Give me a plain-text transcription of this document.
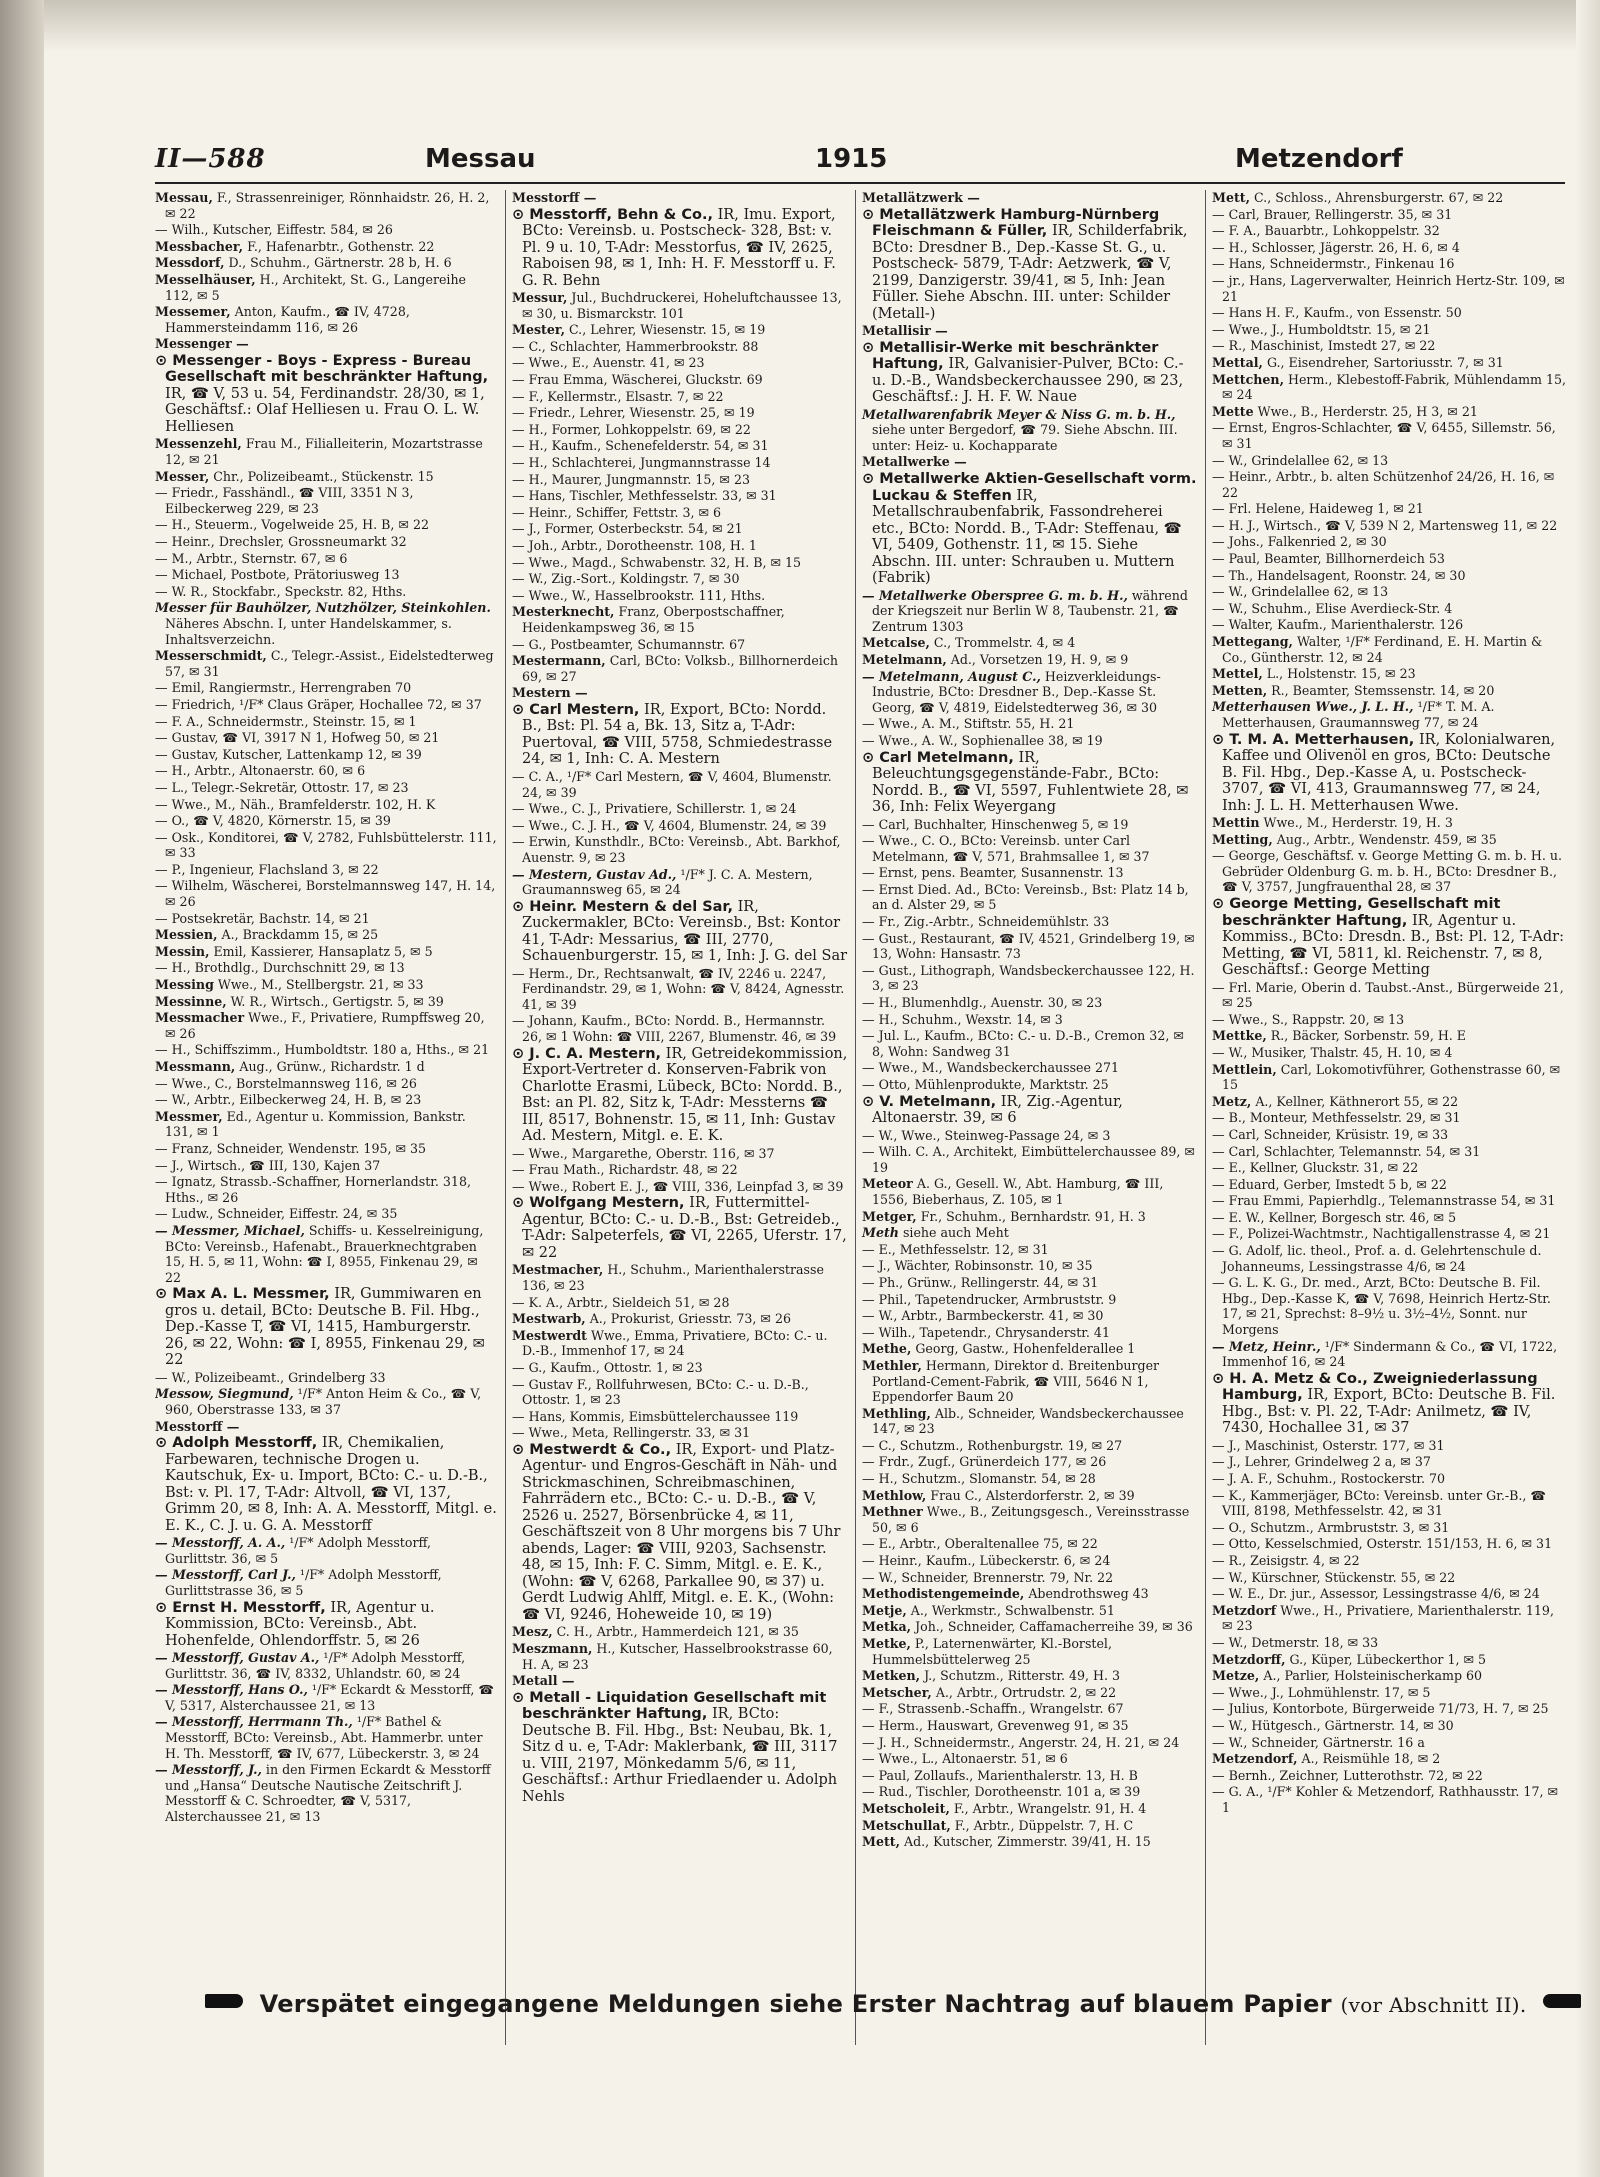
II—588	Messau	1915	Metzendorf
Messau, F., Strassenreiniger, Rönnhaidstr. 26, H. 2, ✉ 22
— Wilh., Kutscher, Eiffestr. 584, ✉ 26
Messbacher, F., Hafenarbtr., Gothenstr. 22
Messdorf, D., Schuhm., Gärtnerstr. 28 b, H. 6
Messelhäuser, H., Architekt, St. G., Langereihe 112, ✉ 5
Messemer, Anton, Kaufm., ☎ IV, 4728, Hammersteindamm 116, ✉ 26
Messenger —
⊙ Messenger - Boys - Express - Bureau Gesellschaft mit beschränkter Haftung, IR, ☎ V, 53 u. 54, Ferdinandstr. 28/30, ✉ 1, Geschäftsf.: Olaf Helliesen u. Frau O. L. W. Helliesen
Messenzehl, Frau M., Filialleiterin, Mozartstrasse 12, ✉ 21
Messer, Chr., Polizeibeamt., Stückenstr. 15
— Friedr., Fasshändl., ☎ VIII, 3351 N 3, Eilbeckerweg 229, ✉ 23
— H., Steuerm., Vogelweide 25, H. B, ✉ 22
— Heinr., Drechsler, Grossneumarkt 32
— M., Arbtr., Sternstr. 67, ✉ 6
— Michael, Postbote, Prätoriusweg 13
— W. R., Stockfabr., Speckstr. 82, Hths.
Messer für Bauhölzer, Nutzhölzer, Steinkohlen. Näheres Abschn. I, unter Handelskammer, s. Inhaltsverzeichn.
Messerschmidt, C., Telegr.-Assist., Eidelstedterweg 57, ✉ 31
— Emil, Rangiermstr., Herrengraben 70
— Friedrich, ¹/F* Claus Gräper, Hochallee 72, ✉ 37
— F. A., Schneidermstr., Steinstr. 15, ✉ 1
— Gustav, ☎ VI, 3917 N 1, Hofweg 50, ✉ 21
— Gustav, Kutscher, Lattenkamp 12, ✉ 39
— H., Arbtr., Altonaerstr. 60, ✉ 6
— L., Telegr.-Sekretär, Ottostr. 17, ✉ 23
— Wwe., M., Näh., Bramfelderstr. 102, H. K
— O., ☎ V, 4820, Körnerstr. 15, ✉ 39
— Osk., Konditorei, ☎ V, 2782, Fuhlsbüttelerstr. 111, ✉ 33
— P., Ingenieur, Flachsland 3, ✉ 22
— Wilhelm, Wäscherei, Borstelmannsweg 147, H. 14, ✉ 26
— Postsekretär, Bachstr. 14, ✉ 21
Messien, A., Brackdamm 15, ✉ 25
Messin, Emil, Kassierer, Hansaplatz 5, ✉ 5
— H., Brothdlg., Durchschnitt 29, ✉ 13
Messing Wwe., M., Stellbergstr. 21, ✉ 33
Messinne, W. R., Wirtsch., Gertigstr. 5, ✉ 39
Messmacher Wwe., F., Privatiere, Rumpffsweg 20, ✉ 26
— H., Schiffszimm., Humboldtstr. 180 a, Hths., ✉ 21
Messmann, Aug., Grünw., Richardstr. 1 d
— Wwe., C., Borstelmannsweg 116, ✉ 26
— W., Arbtr., Eilbeckerweg 24, H. B, ✉ 23
Messmer, Ed., Agentur u. Kommission, Bankstr. 131, ✉ 1
— Franz, Schneider, Wendenstr. 195, ✉ 35
— J., Wirtsch., ☎ III, 130, Kajen 37
— Ignatz, Strassb.-Schaffner, Hornerlandstr. 318, Hths., ✉ 26
— Ludw., Schneider, Eiffestr. 24, ✉ 35
— Messmer, Michael, Schiffs- u. Kesselreinigung, BCto: Vereinsb., Hafenabt., Brauerknechtgraben 15, H. 5, ✉ 11, Wohn: ☎ I, 8955, Finkenau 29, ✉ 22
⊙ Max A. L. Messmer, IR, Gummiwaren en gros u. detail, BCto: Deutsche B. Fil. Hbg., Dep.-Kasse T, ☎ VI, 1415, Hamburgerstr. 26, ✉ 22, Wohn: ☎ I, 8955, Finkenau 29, ✉ 22
— W., Polizeibeamt., Grindelberg 33
Messow, Siegmund, ¹/F* Anton Heim & Co., ☎ V, 960, Oberstrasse 133, ✉ 37
Messtorff —
⊙ Adolph Messtorff, IR, Chemikalien, Farbewaren, technische Drogen u. Kautschuk, Ex- u. Import, BCto: C.- u. D.-B., Bst: v. Pl. 17, T-Adr: Altvoll, ☎ VI, 137, Grimm 20, ✉ 8, Inh: A. A. Messtorff, Mitgl. e. E. K., C. J. u. G. A. Messtorff
— Messtorff, A. A., ¹/F* Adolph Messtorff, Gurlittstr. 36, ✉ 5
— Messtorff, Carl J., ¹/F* Adolph Messtorff, Gurlittstrasse 36, ✉ 5
⊙ Ernst H. Messtorff, IR, Agentur u. Kommission, BCto: Vereinsb., Abt. Hohenfelde, Ohlendorffstr. 5, ✉ 26
— Messtorff, Gustav A., ¹/F* Adolph Messtorff, Gurlittstr. 36, ☎ IV, 8332, Uhlandstr. 60, ✉ 24
— Messtorff, Hans O., ¹/F* Eckardt & Messtorff, ☎ V, 5317, Alsterchaussee 21, ✉ 13
— Messtorff, Herrmann Th., ¹/F* Bathel & Messtorff, BCto: Vereinsb., Abt. Hammerbr. unter H. Th. Messtorff, ☎ IV, 677, Lübeckerstr. 3, ✉ 24
— Messtorff, J., in den Firmen Eckardt & Messtorff und „Hansa“ Deutsche Nautische Zeitschrift J. Messtorff & C. Schroedter, ☎ V, 5317, Alsterchaussee 21, ✉ 13
Messtorff —
⊙ Messtorff, Behn & Co., IR, Imu. Export, BCto: Vereinsb. u. Postscheck- 328, Bst: v. Pl. 9 u. 10, T-Adr: Messtorfus, ☎ IV, 2625, Raboisen 98, ✉ 1, Inh: H. F. Messtorff u. F. G. R. Behn
Messur, Jul., Buchdruckerei, Hoheluftchaussee 13, ✉ 30, u. Bismarckstr. 101
Mester, C., Lehrer, Wiesenstr. 15, ✉ 19
— C., Schlachter, Hammerbrookstr. 88
— Wwe., E., Auenstr. 41, ✉ 23
— Frau Emma, Wäscherei, Gluckstr. 69
— F., Kellermstr., Elsastr. 7, ✉ 22
— Friedr., Lehrer, Wiesenstr. 25, ✉ 19
— H., Former, Lohkoppelstr. 69, ✉ 22
— H., Kaufm., Schenefelderstr. 54, ✉ 31
— H., Schlachterei, Jungmannstrasse 14
— H., Maurer, Jungmannstr. 15, ✉ 23
— Hans, Tischler, Methfesselstr. 33, ✉ 31
— Heinr., Schiffer, Fettstr. 3, ✉ 6
— J., Former, Osterbeckstr. 54, ✉ 21
— Joh., Arbtr., Dorotheenstr. 108, H. 1
— Wwe., Magd., Schwabenstr. 32, H. B, ✉ 15
— W., Zig.-Sort., Koldingstr. 7, ✉ 30
— Wwe., W., Hasselbrookstr. 111, Hths.
Mesterknecht, Franz, Oberpostschaffner, Heidenkampsweg 36, ✉ 15
— G., Postbeamter, Schumannstr. 67
Mestermann, Carl, BCto: Volksb., Billhornerdeich 69, ✉ 27
Mestern —
⊙ Carl Mestern, IR, Export, BCto: Nordd. B., Bst: Pl. 54 a, Bk. 13, Sitz a, T-Adr: Puertoval, ☎ VIII, 5758, Schmiedestrasse 24, ✉ 1, Inh: C. A. Mestern
— C. A., ¹/F* Carl Mestern, ☎ V, 4604, Blumenstr. 24, ✉ 39
— Wwe., C. J., Privatiere, Schillerstr. 1, ✉ 24
— Wwe., C. J. H., ☎ V, 4604, Blumenstr. 24, ✉ 39
— Erwin, Kunsthdlr., BCto: Vereinsb., Abt. Barkhof, Auenstr. 9, ✉ 23
— Mestern, Gustav Ad., ¹/F* J. C. A. Mestern, Graumannsweg 65, ✉ 24
⊙ Heinr. Mestern & del Sar, IR, Zuckermakler, BCto: Vereinsb., Bst: Kontor 41, T-Adr: Messarius, ☎ III, 2770, Schauenburgerstr. 15, ✉ 1, Inh: J. G. del Sar
— Herm., Dr., Rechtsanwalt, ☎ IV, 2246 u. 2247, Ferdinandstr. 29, ✉ 1, Wohn: ☎ V, 8424, Agnesstr. 41, ✉ 39
— Johann, Kaufm., BCto: Nordd. B., Hermannstr. 26, ✉ 1 Wohn: ☎ VIII, 2267, Blumenstr. 46, ✉ 39
⊙ J. C. A. Mestern, IR, Getreidekommission, Export-Vertreter d. Konserven-Fabrik von Charlotte Erasmi, Lübeck, BCto: Nordd. B., Bst: an Pl. 82, Sitz k, T-Adr: Messterns ☎ III, 8517, Bohnenstr. 15, ✉ 11, Inh: Gustav Ad. Mestern, Mitgl. e. E. K.
— Wwe., Margarethe, Oberstr. 116, ✉ 37
— Frau Math., Richardstr. 48, ✉ 22
— Wwe., Robert E. J., ☎ VIII, 336, Leinpfad 3, ✉ 39
⊙ Wolfgang Mestern, IR, Futtermittel-Agentur, BCto: C.- u. D.-B., Bst: Getreideb., T-Adr: Salpeterfels, ☎ VI, 2265, Uferstr. 17, ✉ 22
Mestmacher, H., Schuhm., Marienthalerstrasse 136, ✉ 23
— K. A., Arbtr., Sieldeich 51, ✉ 28
Mestwarb, A., Prokurist, Griesstr. 73, ✉ 26
Mestwerdt Wwe., Emma, Privatiere, BCto: C.- u. D.-B., Immenhof 17, ✉ 24
— G., Kaufm., Ottostr. 1, ✉ 23
— Gustav F., Rollfuhrwesen, BCto: C.- u. D.-B., Ottostr. 1, ✉ 23
— Hans, Kommis, Eimsbüttelerchaussee 119
— Wwe., Meta, Rellingerstr. 33, ✉ 31
⊙ Mestwerdt & Co., IR, Export- und Platz-Agentur- und Engros-Geschäft in Näh- und Strickmaschinen, Schreibmaschinen, Fahrrädern etc., BCto: C.- u. D.-B., ☎ V, 2526 u. 2527, Börsenbrücke 4, ✉ 11, Geschäftszeit von 8 Uhr morgens bis 7 Uhr abends, Lager: ☎ VIII, 9203, Sachsenstr. 48, ✉ 15, Inh: F. C. Simm, Mitgl. e. E. K., (Wohn: ☎ V, 6268, Parkallee 90, ✉ 37) u. Gerdt Ludwig Ahlff, Mitgl. e. E. K., (Wohn: ☎ VI, 9246, Hoheweide 10, ✉ 19)
Mesz, C. H., Arbtr., Hammerdeich 121, ✉ 35
Meszmann, H., Kutscher, Hasselbrookstrasse 60, H. A, ✉ 23
Metall —
⊙ Metall - Liquidation Gesellschaft mit beschränkter Haftung, IR, BCto: Deutsche B. Fil. Hbg., Bst: Neubau, Bk. 1, Sitz d u. e, T-Adr: Maklerbank, ☎ III, 3117 u. VIII, 2197, Mönkedamm 5/6, ✉ 11, Geschäftsf.: Arthur Friedlaender u. Adolph Nehls
Metallätzwerk —
⊙ Metallätzwerk Hamburg-Nürnberg Fleischmann & Füller, IR, Schilderfabrik, BCto: Dresdner B., Dep.-Kasse St. G., u. Postscheck- 5879, T-Adr: Aetzwerk, ☎ V, 2199, Danzigerstr. 39/41, ✉ 5, Inh: Jean Füller. Siehe Abschn. III. unter: Schilder (Metall-)
Metallisir —
⊙ Metallisir-Werke mit beschränkter Haftung, IR, Galvanisier-Pulver, BCto: C.- u. D.-B., Wandsbeckerchaussee 290, ✉ 23, Geschäftsf.: J. H. F. W. Naue
Metallwarenfabrik Meyer & Niss G. m. b. H., siehe unter Bergedorf, ☎ 79. Siehe Abschn. III. unter: Heiz- u. Kochapparate
Metallwerke —
⊙ Metallwerke Aktien-Gesellschaft vorm. Luckau & Steffen IR, Metallschraubenfabrik, Fassondreherei etc., BCto: Nordd. B., T-Adr: Steffenau, ☎ VI, 5409, Gothenstr. 11, ✉ 15. Siehe Abschn. III. unter: Schrauben u. Muttern (Fabrik)
— Metallwerke Oberspree G. m. b. H., während der Kriegszeit nur Berlin W 8, Taubenstr. 21, ☎ Zentrum 1303
Metcalse, C., Trommelstr. 4, ✉ 4
Metelmann, Ad., Vorsetzen 19, H. 9, ✉ 9
— Metelmann, August C., Heizverkleidungs-Industrie, BCto: Dresdner B., Dep.-Kasse St. Georg, ☎ V, 4819, Eidelstedterweg 36, ✉ 30
— Wwe., A. M., Stiftstr. 55, H. 21
— Wwe., A. W., Sophienallee 38, ✉ 19
⊙ Carl Metelmann, IR, Beleuchtungsgegenstände-Fabr., BCto: Nordd. B., ☎ VI, 5597, Fuhlentwiete 28, ✉ 36, Inh: Felix Weyergang
— Carl, Buchhalter, Hinschenweg 5, ✉ 19
— Wwe., C. O., BCto: Vereinsb. unter Carl Metelmann, ☎ V, 571, Brahmsallee 1, ✉ 37
— Ernst, pens. Beamter, Susannenstr. 13
— Ernst Died. Ad., BCto: Vereinsb., Bst: Platz 14 b, an d. Alster 29, ✉ 5
— Fr., Zig.-Arbtr., Schneidemühlstr. 33
— Gust., Restaurant, ☎ IV, 4521, Grindelberg 19, ✉ 13, Wohn: Hansastr. 73
— Gust., Lithograph, Wandsbeckerchaussee 122, H. 3, ✉ 23
— H., Blumenhdlg., Auenstr. 30, ✉ 23
— H., Schuhm., Wexstr. 14, ✉ 3
— Jul. L., Kaufm., BCto: C.- u. D.-B., Cremon 32, ✉ 8, Wohn: Sandweg 31
— Wwe., M., Wandsbeckerchaussee 271
— Otto, Mühlenprodukte, Marktstr. 25
⊙ V. Metelmann, IR, Zig.-Agentur, Altonaerstr. 39, ✉ 6
— W., Wwe., Steinweg-Passage 24, ✉ 3
— Wilh. C. A., Architekt, Eimbüttelerchaussee 89, ✉ 19
Meteor A. G., Gesell. W., Abt. Hamburg, ☎ III, 1556, Bieberhaus, Z. 105, ✉ 1
Metger, Fr., Schuhm., Bernhardstr. 91, H. 3
Meth siehe auch Meht
— E., Methfesselstr. 12, ✉ 31
— J., Wächter, Robinsonstr. 10, ✉ 35
— Ph., Grünw., Rellingerstr. 44, ✉ 31
— Phil., Tapetendrucker, Armbruststr. 9
— W., Arbtr., Barmbeckerstr. 41, ✉ 30
— Wilh., Tapetendr., Chrysanderstr. 41
Methe, Georg, Gastw., Hohenfelderallee 1
Methler, Hermann, Direktor d. Breitenburger Portland-Cement-Fabrik, ☎ VIII, 5646 N 1, Eppendorfer Baum 20
Methling, Alb., Schneider, Wandsbeckerchaussee 147, ✉ 23
— C., Schutzm., Rothenburgstr. 19, ✉ 27
— Frdr., Zugf., Grünerdeich 177, ✉ 26
— H., Schutzm., Slomanstr. 54, ✉ 28
Methlow, Frau C., Alsterdorferstr. 2, ✉ 39
Methner Wwe., B., Zeitungsgesch., Vereinsstrasse 50, ✉ 6
— E., Arbtr., Oberaltenallee 75, ✉ 22
— Heinr., Kaufm., Lübeckerstr. 6, ✉ 24
— W., Schneider, Brennerstr. 79, Nr. 22
Methodistengemeinde, Abendrothsweg 43
Metje, A., Werkmstr., Schwalbenstr. 51
Metka, Joh., Schneider, Caffamacherreihe 39, ✉ 36
Metke, P., Laternenwärter, Kl.-Borstel, Hummelsbüttelerweg 25
Metken, J., Schutzm., Ritterstr. 49, H. 3
Metscher, A., Arbtr., Ortrudstr. 2, ✉ 22
— F., Strassenb.-Schaffn., Wrangelstr. 67
— Herm., Hauswart, Grevenweg 91, ✉ 35
— J. H., Schneidermstr., Angerstr. 24, H. 21, ✉ 24
— Wwe., L., Altonaerstr. 51, ✉ 6
— Paul, Zollaufs., Marienthalerstr. 13, H. B
— Rud., Tischler, Dorotheenstr. 101 a, ✉ 39
Metscholeit, F., Arbtr., Wrangelstr. 91, H. 4
Metschullat, F., Arbtr., Düppelstr. 7, H. C
Mett, Ad., Kutscher, Zimmerstr. 39/41, H. 15
Mett, C., Schloss., Ahrensburgerstr. 67, ✉ 22
— Carl, Brauer, Rellingerstr. 35, ✉ 31
— F. A., Bauarbtr., Lohkoppelstr. 32
— H., Schlosser, Jägerstr. 26, H. 6, ✉ 4
— Hans, Schneidermstr., Finkenau 16
— jr., Hans, Lagerverwalter, Heinrich Hertz-Str. 109, ✉ 21
— Hans H. F., Kaufm., von Essenstr. 50
— Wwe., J., Humboldtstr. 15, ✉ 21
— R., Maschinist, Imstedt 27, ✉ 22
Mettal, G., Eisendreher, Sartoriusstr. 7, ✉ 31
Mettchen, Herm., Klebestoff-Fabrik, Mühlendamm 15, ✉ 24
Mette Wwe., B., Herderstr. 25, H 3, ✉ 21
— Ernst, Engros-Schlachter, ☎ V, 6455, Sillemstr. 56, ✉ 31
— W., Grindelallee 62, ✉ 13
— Heinr., Arbtr., b. alten Schützenhof 24/26, H. 16, ✉ 22
— Frl. Helene, Haideweg 1, ✉ 21
— H. J., Wirtsch., ☎ V, 539 N 2, Martensweg 11, ✉ 22
— Johs., Falkenried 2, ✉ 30
— Paul, Beamter, Billhornerdeich 53
— Th., Handelsagent, Roonstr. 24, ✉ 30
— W., Grindelallee 62, ✉ 13
— W., Schuhm., Elise Averdieck-Str. 4
— Walter, Kaufm., Marienthalerstr. 126
Mettegang, Walter, ¹/F* Ferdinand, E. H. Martin & Co., Güntherstr. 12, ✉ 24
Mettel, L., Holstenstr. 15, ✉ 23
Metten, R., Beamter, Stemssenstr. 14, ✉ 20
Metterhausen Wwe., J. L. H., ¹/F* T. M. A. Metterhausen, Graumannsweg 77, ✉ 24
⊙ T. M. A. Metterhausen, IR, Kolonialwaren, Kaffee und Olivenöl en gros, BCto: Deutsche B. Fil. Hbg., Dep.-Kasse A, u. Postscheck- 3707, ☎ VI, 413, Graumannsweg 77, ✉ 24, Inh: J. L. H. Metterhausen Wwe.
Mettin Wwe., M., Herderstr. 19, H. 3
Metting, Aug., Arbtr., Wendenstr. 459, ✉ 35
— George, Geschäftsf. v. George Metting G. m. b. H. u. Gebrüder Oldenburg G. m. b. H., BCto: Dresdner B., ☎ V, 3757, Jungfrauenthal 28, ✉ 37
⊙ George Metting, Gesellschaft mit beschränkter Haftung, IR, Agentur u. Kommiss., BCto: Dresdn. B., Bst: Pl. 12, T-Adr: Metting, ☎ VI, 5811, kl. Reichenstr. 7, ✉ 8, Geschäftsf.: George Metting
— Frl. Marie, Oberin d. Taubst.-Anst., Bürgerweide 21, ✉ 25
— Wwe., S., Rappstr. 20, ✉ 13
Mettke, R., Bäcker, Sorbenstr. 59, H. E
— W., Musiker, Thalstr. 45, H. 10, ✉ 4
Mettlein, Carl, Lokomotivführer, Gothenstrasse 60, ✉ 15
Metz, A., Kellner, Käthnerort 55, ✉ 22
— B., Monteur, Methfesselstr. 29, ✉ 31
— Carl, Schneider, Krüsistr. 19, ✉ 33
— Carl, Schlachter, Telemannstr. 54, ✉ 31
— E., Kellner, Gluckstr. 31, ✉ 22
— Eduard, Gerber, Imstedt 5 b, ✉ 22
— Frau Emmi, Papierhdlg., Telemannstrasse 54, ✉ 31
— E. W., Kellner, Borgesch str. 46, ✉ 5
— F., Polizei-Wachtmstr., Nachtigallenstrasse 4, ✉ 21
— G. Adolf, lic. theol., Prof. a. d. Gelehrtenschule d. Johanneums, Lessingstrasse 4/6, ✉ 24
— G. L. K. G., Dr. med., Arzt, BCto: Deutsche B. Fil. Hbg., Dep.-Kasse K, ☎ V, 7698, Heinrich Hertz-Str. 17, ✉ 21, Sprechst: 8–9½ u. 3½–4½, Sonnt. nur Morgens
— Metz, Heinr., ¹/F* Sindermann & Co., ☎ VI, 1722, Immenhof 16, ✉ 24
⊙ H. A. Metz & Co., Zweigniederlassung Hamburg, IR, Export, BCto: Deutsche B. Fil. Hbg., Bst: v. Pl. 22, T-Adr: Anilmetz, ☎ IV, 7430, Hochallee 31, ✉ 37
— J., Maschinist, Osterstr. 177, ✉ 31
— J., Lehrer, Grindelweg 2 a, ✉ 37
— J. A. F., Schuhm., Rostockerstr. 70
— K., Kammerjäger, BCto: Vereinsb. unter Gr.-B., ☎ VIII, 8198, Methfesselstr. 42, ✉ 31
— O., Schutzm., Armbruststr. 3, ✉ 31
— Otto, Kesselschmied, Osterstr. 151/153, H. 6, ✉ 31
— R., Zeisigstr. 4, ✉ 22
— W., Kürschner, Stückenstr. 55, ✉ 22
— W. E., Dr. jur., Assessor, Lessingstrasse 4/6, ✉ 24
Metzdorf Wwe., H., Privatiere, Marienthalerstr. 119, ✉ 23
— W., Detmerstr. 18, ✉ 33
Metzdorff, G., Küper, Lübeckerthor 1, ✉ 5
Metze, A., Parlier, Holsteinischerkamp 60
— Wwe., J., Lohmühlenstr. 17, ✉ 5
— Julius, Kontorbote, Bürgerweide 71/73, H. 7, ✉ 25
— W., Hütgesch., Gärtnerstr. 14, ✉ 30
— W., Schneider, Gärtnerstr. 16 a
Metzendorf, A., Reismühle 18, ✉ 2
— Bernh., Zeichner, Lutterothstr. 72, ✉ 22
— G. A., ¹/F* Kohler & Metzendorf, Rathhausstr. 17, ✉ 1
Verspätet eingegangene Meldungen siehe Erster Nachtrag auf blauem Papier (vor Abschnitt II).
